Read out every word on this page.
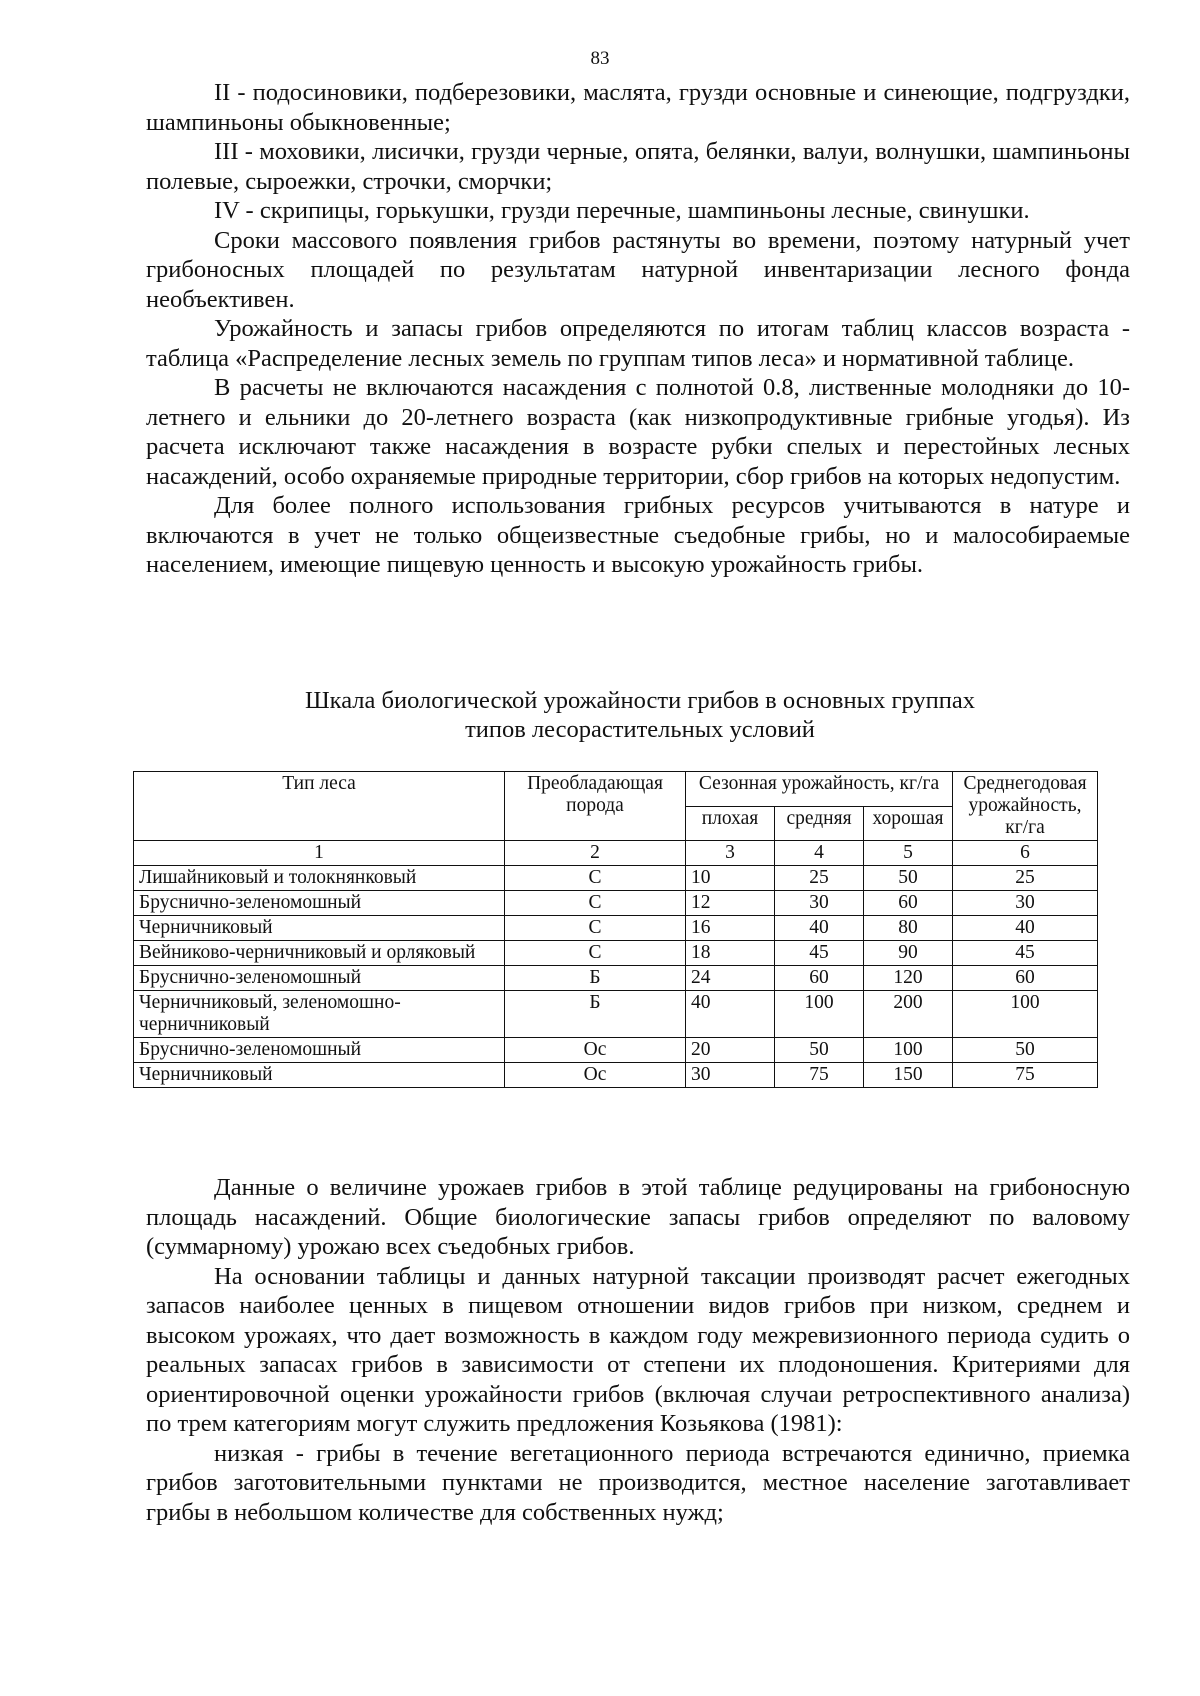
83

II - подосиновики, подберезовики, маслята, грузди основные и синеющие, подгруздки, шампиньоны обыкновенные;

III - моховики, лисички, грузди черные, опята, белянки, валуи, волнушки, шампиньоны полевые, сыроежки, строчки, сморчки;

IV - скрипицы, горькушки, грузди перечные, шампиньоны лесные, свинушки.

Сроки массового появления грибов растянуты во времени, поэтому натурный учет грибоносных площадей по результатам натурной инвентаризации лесного фонда необъективен.

Урожайность и запасы грибов определяются по итогам таблиц классов возраста - таблица «Распределение лесных земель по группам типов леса» и нормативной таблице.

В расчеты не включаются насаждения с полнотой 0.8, лиственные молодняки до 10-летнего и ельники до 20-летнего возраста (как низкопродуктивные грибные угодья). Из расчета исключают также насаждения в возрасте рубки спелых и перестойных лесных насаждений, особо охраняемые природные территории, сбор грибов на которых недопустим.

Для более полного использования грибных ресурсов учитываются в натуре и включаются в учет не только общеизвестные съедобные грибы, но и малособираемые населением, имеющие пищевую ценность и высокую урожайность грибы.

Шкала биологической урожайности грибов в основных группах
типов лесорастительных условий
Тип леса	Преобладающая порода	Сезонная урожайность, кг/га			Среднегодовая урожайность, кг/га
		плохая	средняя	хорошая	
1	2	3	4	5	6
Лишайниковый и толокнянковый	С	10	25	50	25
Бруснично-зеленомошный	С	12	30	60	30
Черничниковый	С	16	40	80	40
Вейниково-черничниковый и орляковый	С	18	45	90	45
Бруснично-зеленомошный	Б	24	60	120	60
Черничниковый, зеленомошно-черничниковый	Б	40	100	200	100
Бруснично-зеленомошный	Ос	20	50	100	50
Черничниковый	Ос	30	75	150	75

Данные о величине урожаев грибов в этой таблице редуцированы на грибоносную площадь насаждений. Общие биологические запасы грибов определяют по валовому (суммарному) урожаю всех съедобных грибов.

На основании таблицы и данных натурной таксации производят расчет ежегодных запасов наиболее ценных в пищевом отношении видов грибов при низком, среднем и высоком урожаях, что дает возможность в каждом году межревизионного периода судить о реальных запасах грибов в зависимости от степени их плодоношения. Критериями для ориентировочной оценки урожайности грибов (включая случаи ретроспективного анализа) по трем категориям могут служить предложения Козьякова (1981):

низкая - грибы в течение вегетационного периода встречаются единично, приемка грибов заготовительными пунктами не производится, местное население заготавливает грибы в небольшом количестве для собственных нужд;
